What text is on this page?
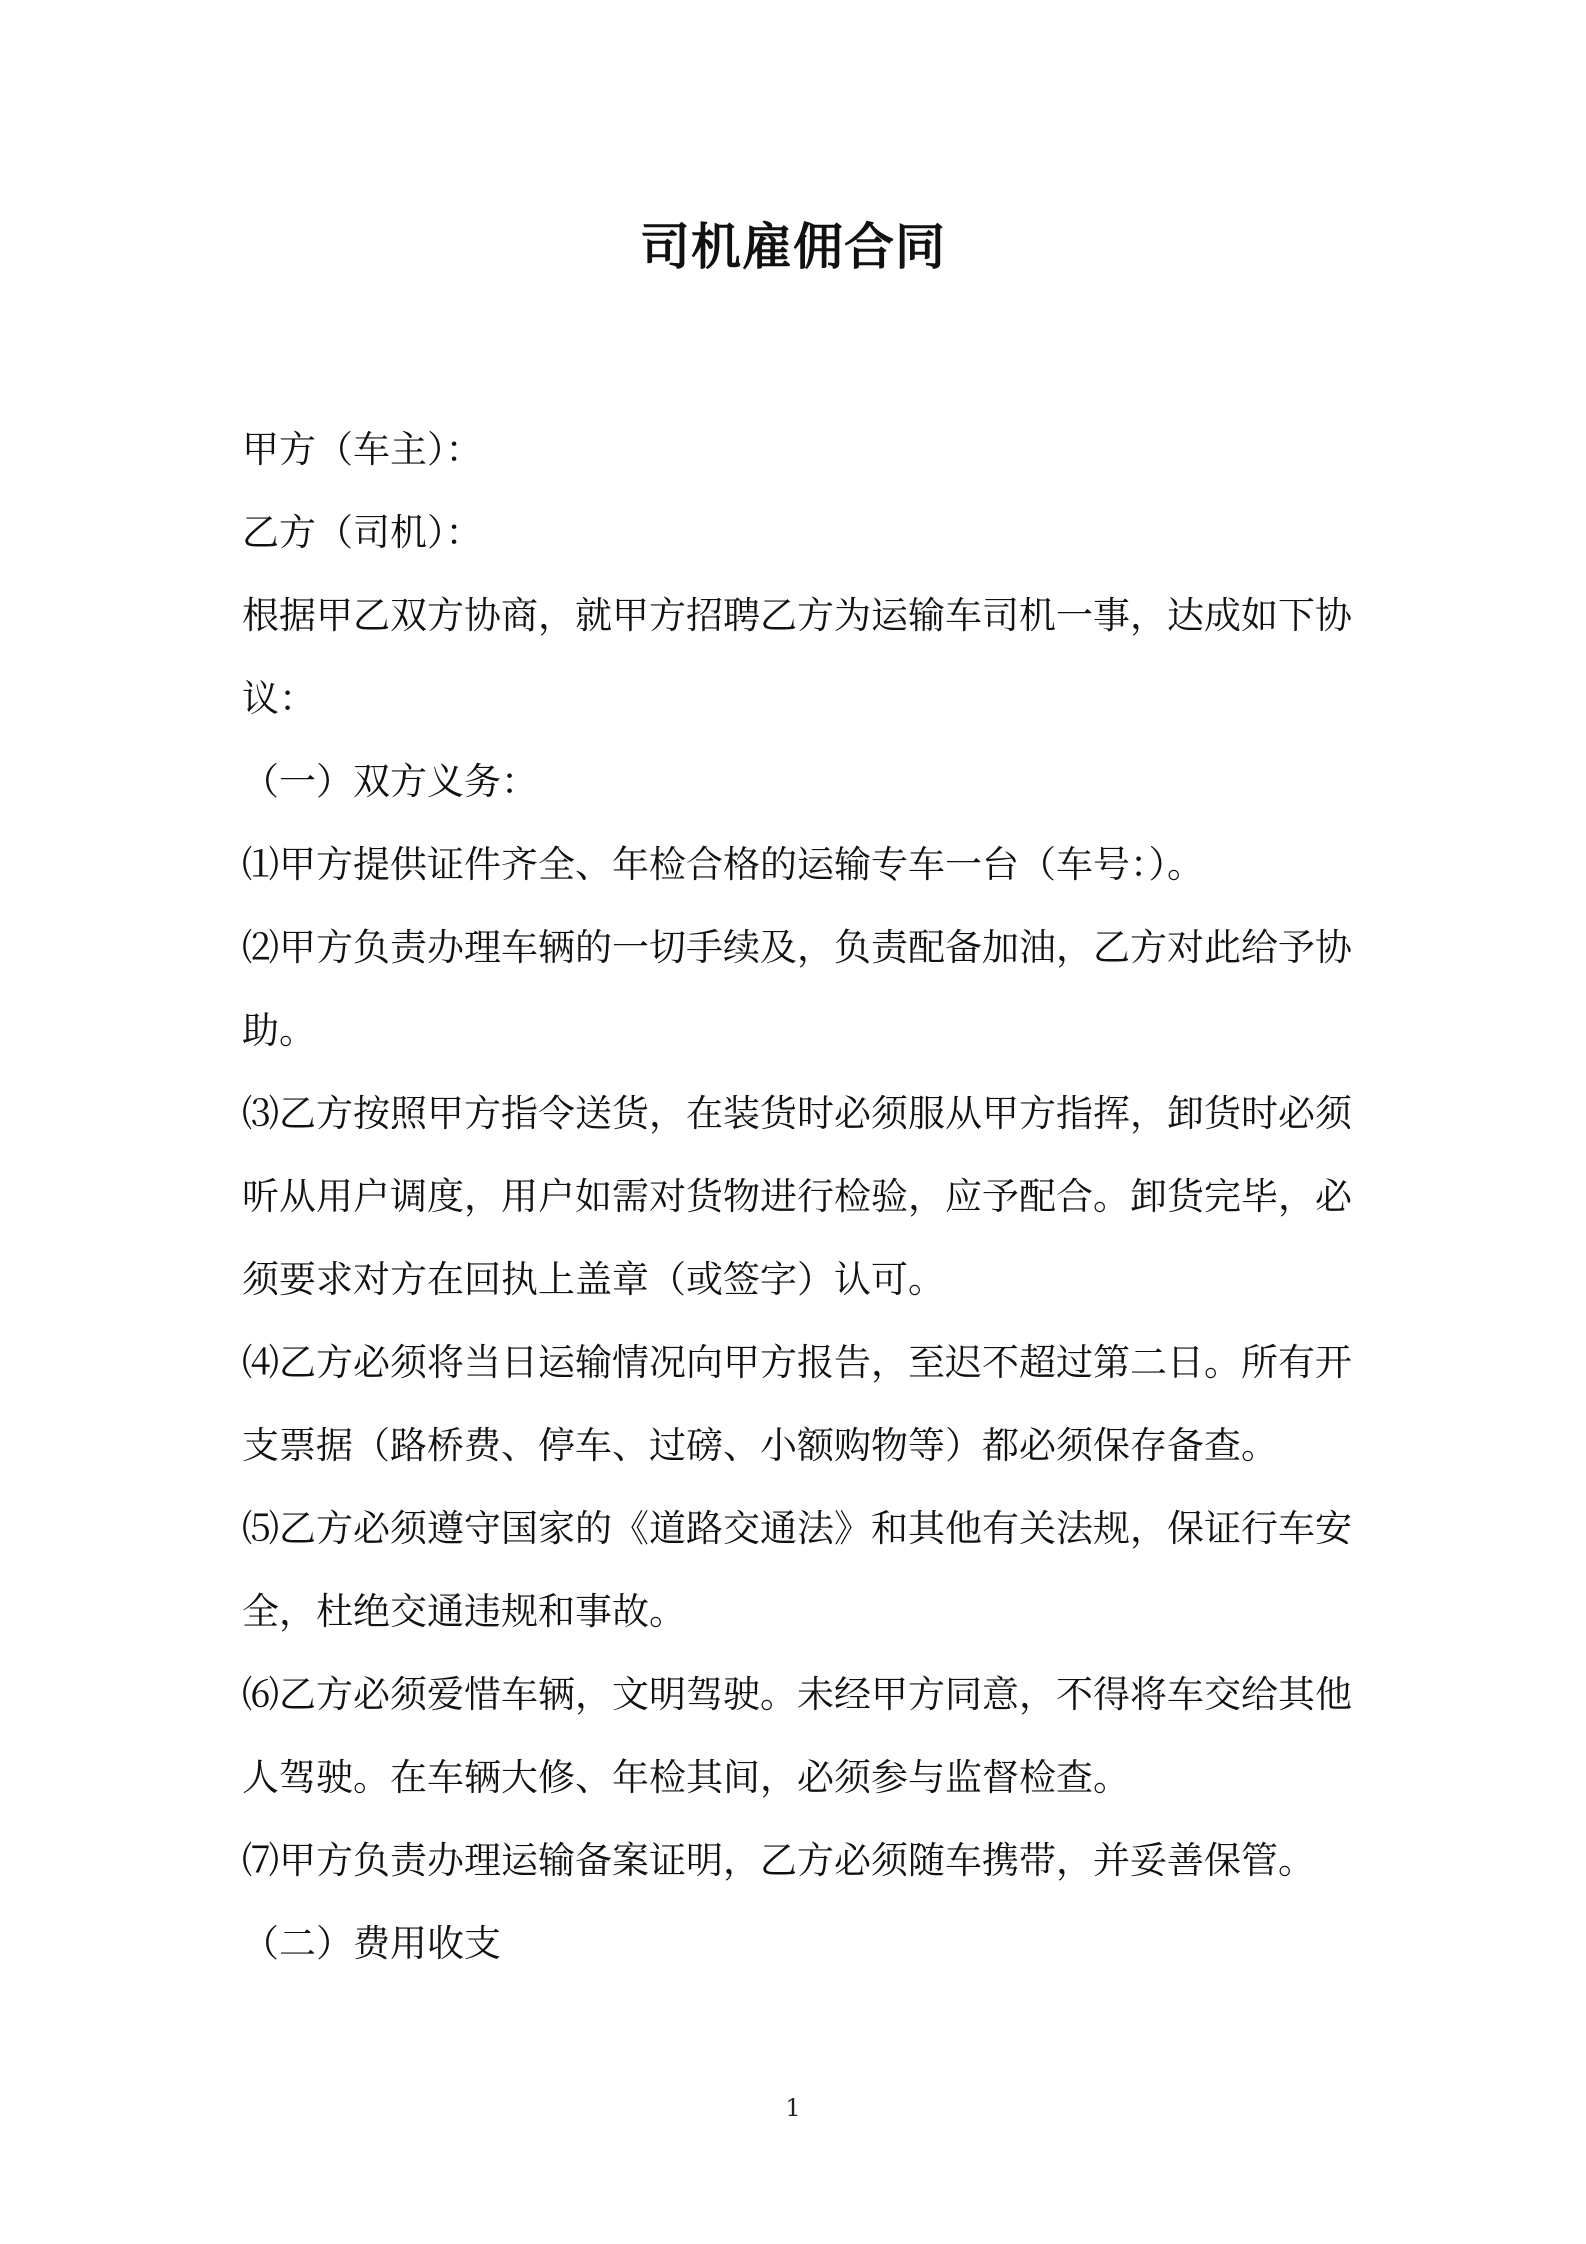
司机雇佣合同

甲方（车主）：

乙方（司机）：

根据甲乙双方协商，就甲方招聘乙方为运输车司机一事，达成如下协议：

（一）双方义务：

⑴甲方提供证件齐全、年检合格的运输专车一台（车号：）。

⑵甲方负责办理车辆的一切手续及，负责配备加油，乙方对此给予协助。

⑶乙方按照甲方指令送货，在装货时必须服从甲方指挥，卸货时必须听从用户调度，用户如需对货物进行检验，应予配合。卸货完毕，必须要求对方在回执上盖章（或签字）认可。

⑷乙方必须将当日运输情况向甲方报告，至迟不超过第二日。所有开支票据（路桥费、停车、过磅、小额购物等）都必须保存备查。

⑸乙方必须遵守国家的《道路交通法》和其他有关法规，保证行车安全，杜绝交通违规和事故。

⑹乙方必须爱惜车辆，文明驾驶。未经甲方同意，不得将车交给其他人驾驶。在车辆大修、年检其间，必须参与监督检查。

⑺甲方负责办理运输备案证明，乙方必须随车携带，并妥善保管。

（二）费用收支

1
